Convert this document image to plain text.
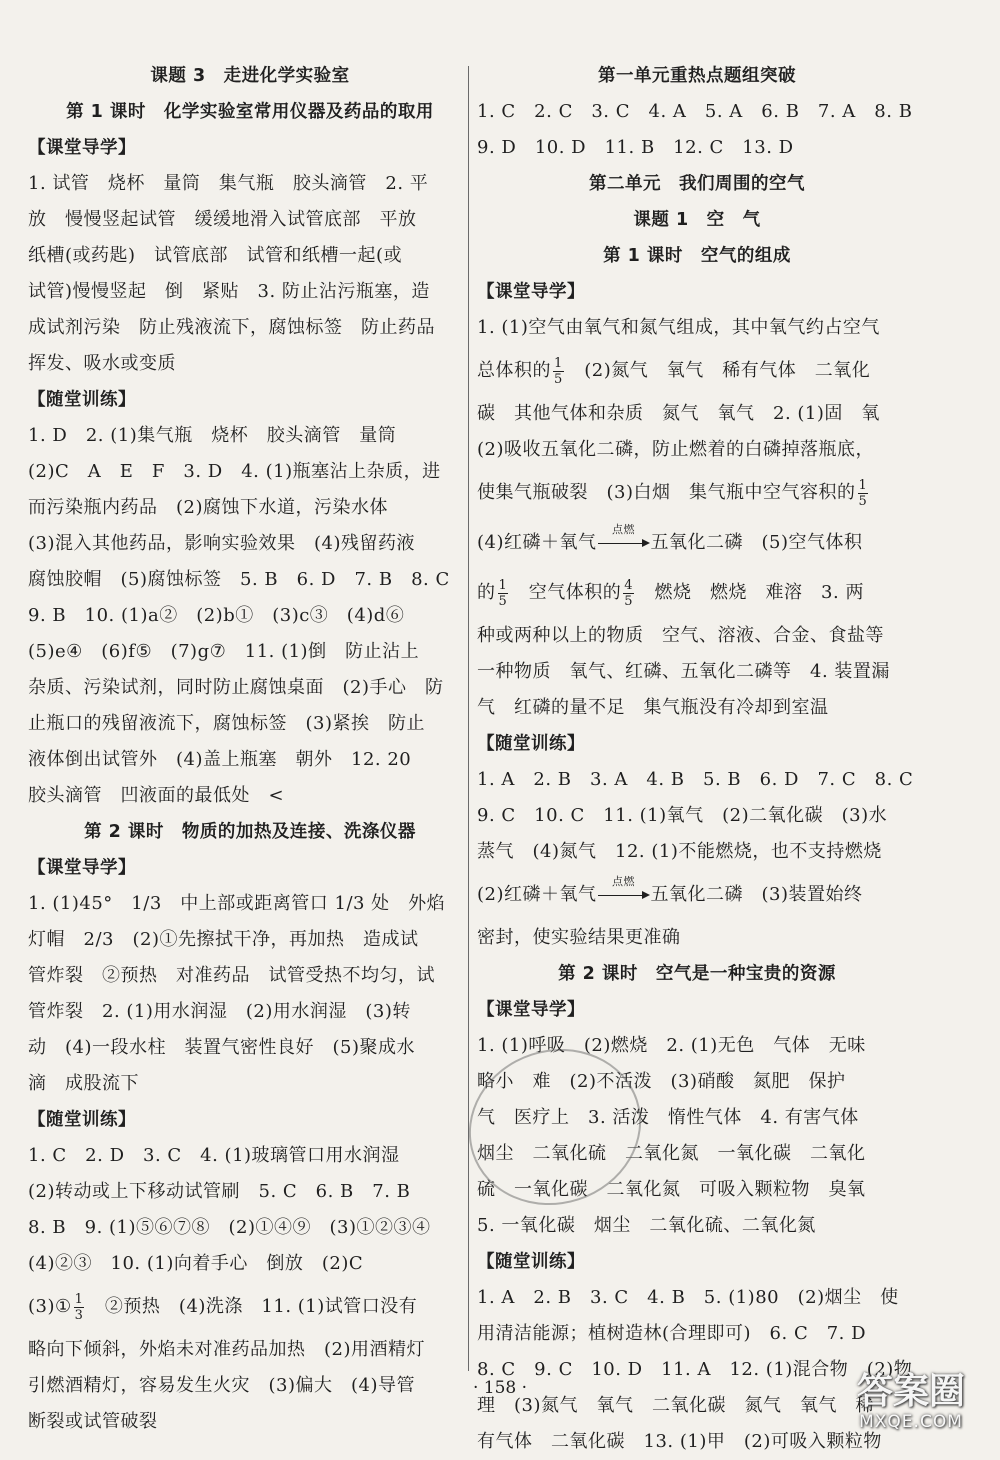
课题 3　走进化学实验室
第 1 课时　化学实验室常用仪器及药品的取用
【课堂导学】
1. 试管　烧杯　量筒　集气瓶　胶头滴管　2. 平
放　慢慢竖起试管　缓缓地滑入试管底部　平放
纸槽(或药匙)　试管底部　试管和纸槽一起(或
试管)慢慢竖起　倒　紧贴　3. 防止沾污瓶塞，造
成试剂污染　防止残液流下，腐蚀标签　防止药品
挥发、吸水或变质
【随堂训练】
1. D　2. (1)集气瓶　烧杯　胶头滴管　量筒
(2)C　A　E　F　3. D　4. (1)瓶塞沾上杂质，进
而污染瓶内药品　(2)腐蚀下水道，污染水体
(3)混入其他药品，影响实验效果　(4)残留药液
腐蚀胶帽　(5)腐蚀标签　5. B　6. D　7. B　8. C
9. B　10. (1)a②　(2)b①　(3)c③　(4)d⑥
(5)e④　(6)f⑤　(7)g⑦　11. (1)倒　防止沾上
杂质、污染试剂，同时防止腐蚀桌面　(2)手心　防
止瓶口的残留液流下，腐蚀标签　(3)紧挨　防止
液体倒出试管外　(4)盖上瓶塞　朝外　12. 20
胶头滴管　凹液面的最低处　<
第 2 课时　物质的加热及连接、洗涤仪器
【课堂导学】
1. (1)45°　1/3　中上部或距离管口 1/3 处　外焰
灯帽　2/3　(2)①先擦拭干净，再加热　造成试
管炸裂　②预热　对准药品　试管受热不均匀，试
管炸裂　2. (1)用水润湿　(2)用水润湿　(3)转
动　(4)一段水柱　装置气密性良好　(5)聚成水
滴　成股流下
【随堂训练】
1. C　2. D　3. C　4. (1)玻璃管口用水润湿
(2)转动或上下移动试管刷　5. C　6. B　7. B
8. B　9. (1)⑤⑥⑦⑧　(2)①④⑨　(3)①②③④
(4)②③　10. (1)向着手心　倒放　(2)C
(3)① $\frac{1}{3}$ 　②预热　(4)洗涤　11. (1)试管口没有
略向下倾斜，外焰未对准药品加热　(2)用酒精灯
引燃酒精灯，容易发生火灾　(3)偏大　(4)导管
断裂或试管破裂
第一单元重热点题组突破
1. C　2. C　3. C　4. A　5. A　6. B　7. A　8. B
9. D　10. D　11. B　12. C　13. D
第二单元　我们周围的空气
课题 1　空　气
第 1 课时　空气的组成
【课堂导学】
1. (1)空气由氧气和氮气组成，其中氧气约占空气
总体积的 $\frac{1}{5}$ 　(2)氮气　氧气　稀有气体　二氧化
碳　其他气体和杂质　氮气　氧气　2. (1)固　氧
(2)吸收五氧化二磷，防止燃着的白磷掉落瓶底，
使集气瓶破裂　(3)白烟　集气瓶中空气容积的 $\frac{1}{5}$
(4)红磷＋氧气
点燃
五氧化二磷　(5)空气体积
的 $\frac{1}{5}$ 　空气体积的 $\frac{4}{5}$ 　燃烧　燃烧　难溶　3. 两
种或两种以上的物质　空气、溶液、合金、食盐等
一种物质　氧气、红磷、五氧化二磷等　4. 装置漏
气　红磷的量不足　集气瓶没有冷却到室温
【随堂训练】
1. A　2. B　3. A　4. B　5. B　6. D　7. C　8. C
9. C　10. C　11. (1)氧气　(2)二氧化碳　(3)水
蒸气　(4)氮气　12. (1)不能燃烧，也不支持燃烧
(2)红磷＋氧气
点燃
五氧化二磷　(3)装置始终
密封，使实验结果更准确
第 2 课时　空气是一种宝贵的资源
【课堂导学】
1. (1)呼吸　(2)燃烧　2. (1)无色　气体　无味
略小　难　(2)不活泼　(3)硝酸　氮肥　保护
气　医疗上　3. 活泼　惰性气体　4. 有害气体
烟尘　二氧化硫　二氧化氮　一氧化碳　二氧化
硫　一氧化碳　二氧化氮　可吸入颗粒物　臭氧
5. 一氧化碳　烟尘　二氧化硫、二氧化氮
【随堂训练】
1. A　2. B　3. C　4. B　5. (1)80　(2)烟尘　使
用清洁能源；植树造林(合理即可)　6. C　7. D
8. C　9. C　10. D　11. A　12. (1)混合物　(2)物
理　(3)氮气　氧气　二氧化碳　氮气　氧气　稀
有气体　二氧化碳　13. (1)甲　(2)可吸入颗粒物
· 158 ·	答案圈
MXQE.COM
